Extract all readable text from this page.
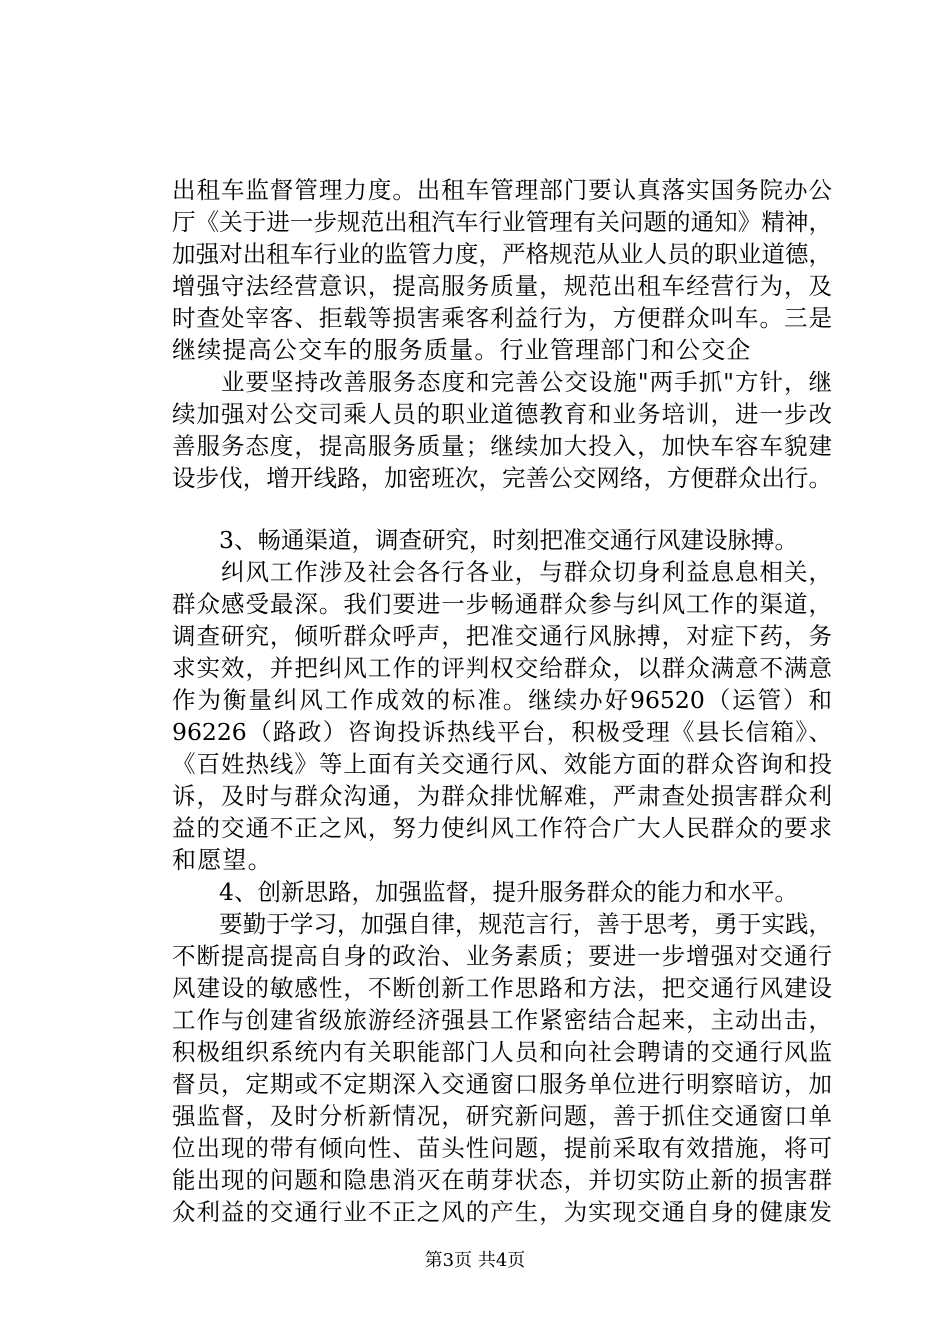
出租车监督管理力度。出租车管理部门要认真落实国务院办公
厅《关于进一步规范出租汽车行业管理有关问题的通知》精神，
加强对出租车行业的监管力度，严格规范从业人员的职业道德，
增强守法经营意识，提高服务质量，规范出租车经营行为，及
时查处宰客、拒载等损害乘客利益行为，方便群众叫车。三是
继续提高公交车的服务质量。行业管理部门和公交企
　　业要坚持改善服务态度和完善公交设施"两手抓"方针，继
续加强对公交司乘人员的职业道德教育和业务培训，进一步改
善服务态度，提高服务质量；继续加大投入，加快车容车貌建
设步伐，增开线路，加密班次，完善公交网络，方便群众出行。
　　3、畅通渠道，调查研究，时刻把准交通行风建设脉搏。
　　纠风工作涉及社会各行各业，与群众切身利益息息相关，
群众感受最深。我们要进一步畅通群众参与纠风工作的渠道，
调查研究，倾听群众呼声，把准交通行风脉搏，对症下药，务
求实效，并把纠风工作的评判权交给群众，以群众满意不满意
作为衡量纠风工作成效的标准。继续办好96520（运管）和
96226（路政）咨询投诉热线平台，积极受理《县长信箱》、
《百姓热线》等上面有关交通行风、效能方面的群众咨询和投
诉，及时与群众沟通，为群众排忧解难，严肃查处损害群众利
益的交通不正之风，努力使纠风工作符合广大人民群众的要求
和愿望。
　　4、创新思路，加强监督，提升服务群众的能力和水平。
　　要勤于学习，加强自律，规范言行，善于思考，勇于实践，
不断提高提高自身的政治、业务素质；要进一步增强对交通行
风建设的敏感性，不断创新工作思路和方法，把交通行风建设
工作与创建省级旅游经济强县工作紧密结合起来，主动出击，
积极组织系统内有关职能部门人员和向社会聘请的交通行风监
督员，定期或不定期深入交通窗口服务单位进行明察暗访，加
强监督，及时分析新情况，研究新问题，善于抓住交通窗口单
位出现的带有倾向性、苗头性问题，提前采取有效措施，将可
能出现的问题和隐患消灭在萌芽状态，并切实防止新的损害群
众利益的交通行业不正之风的产生，为实现交通自身的健康发
第3页 共4页
